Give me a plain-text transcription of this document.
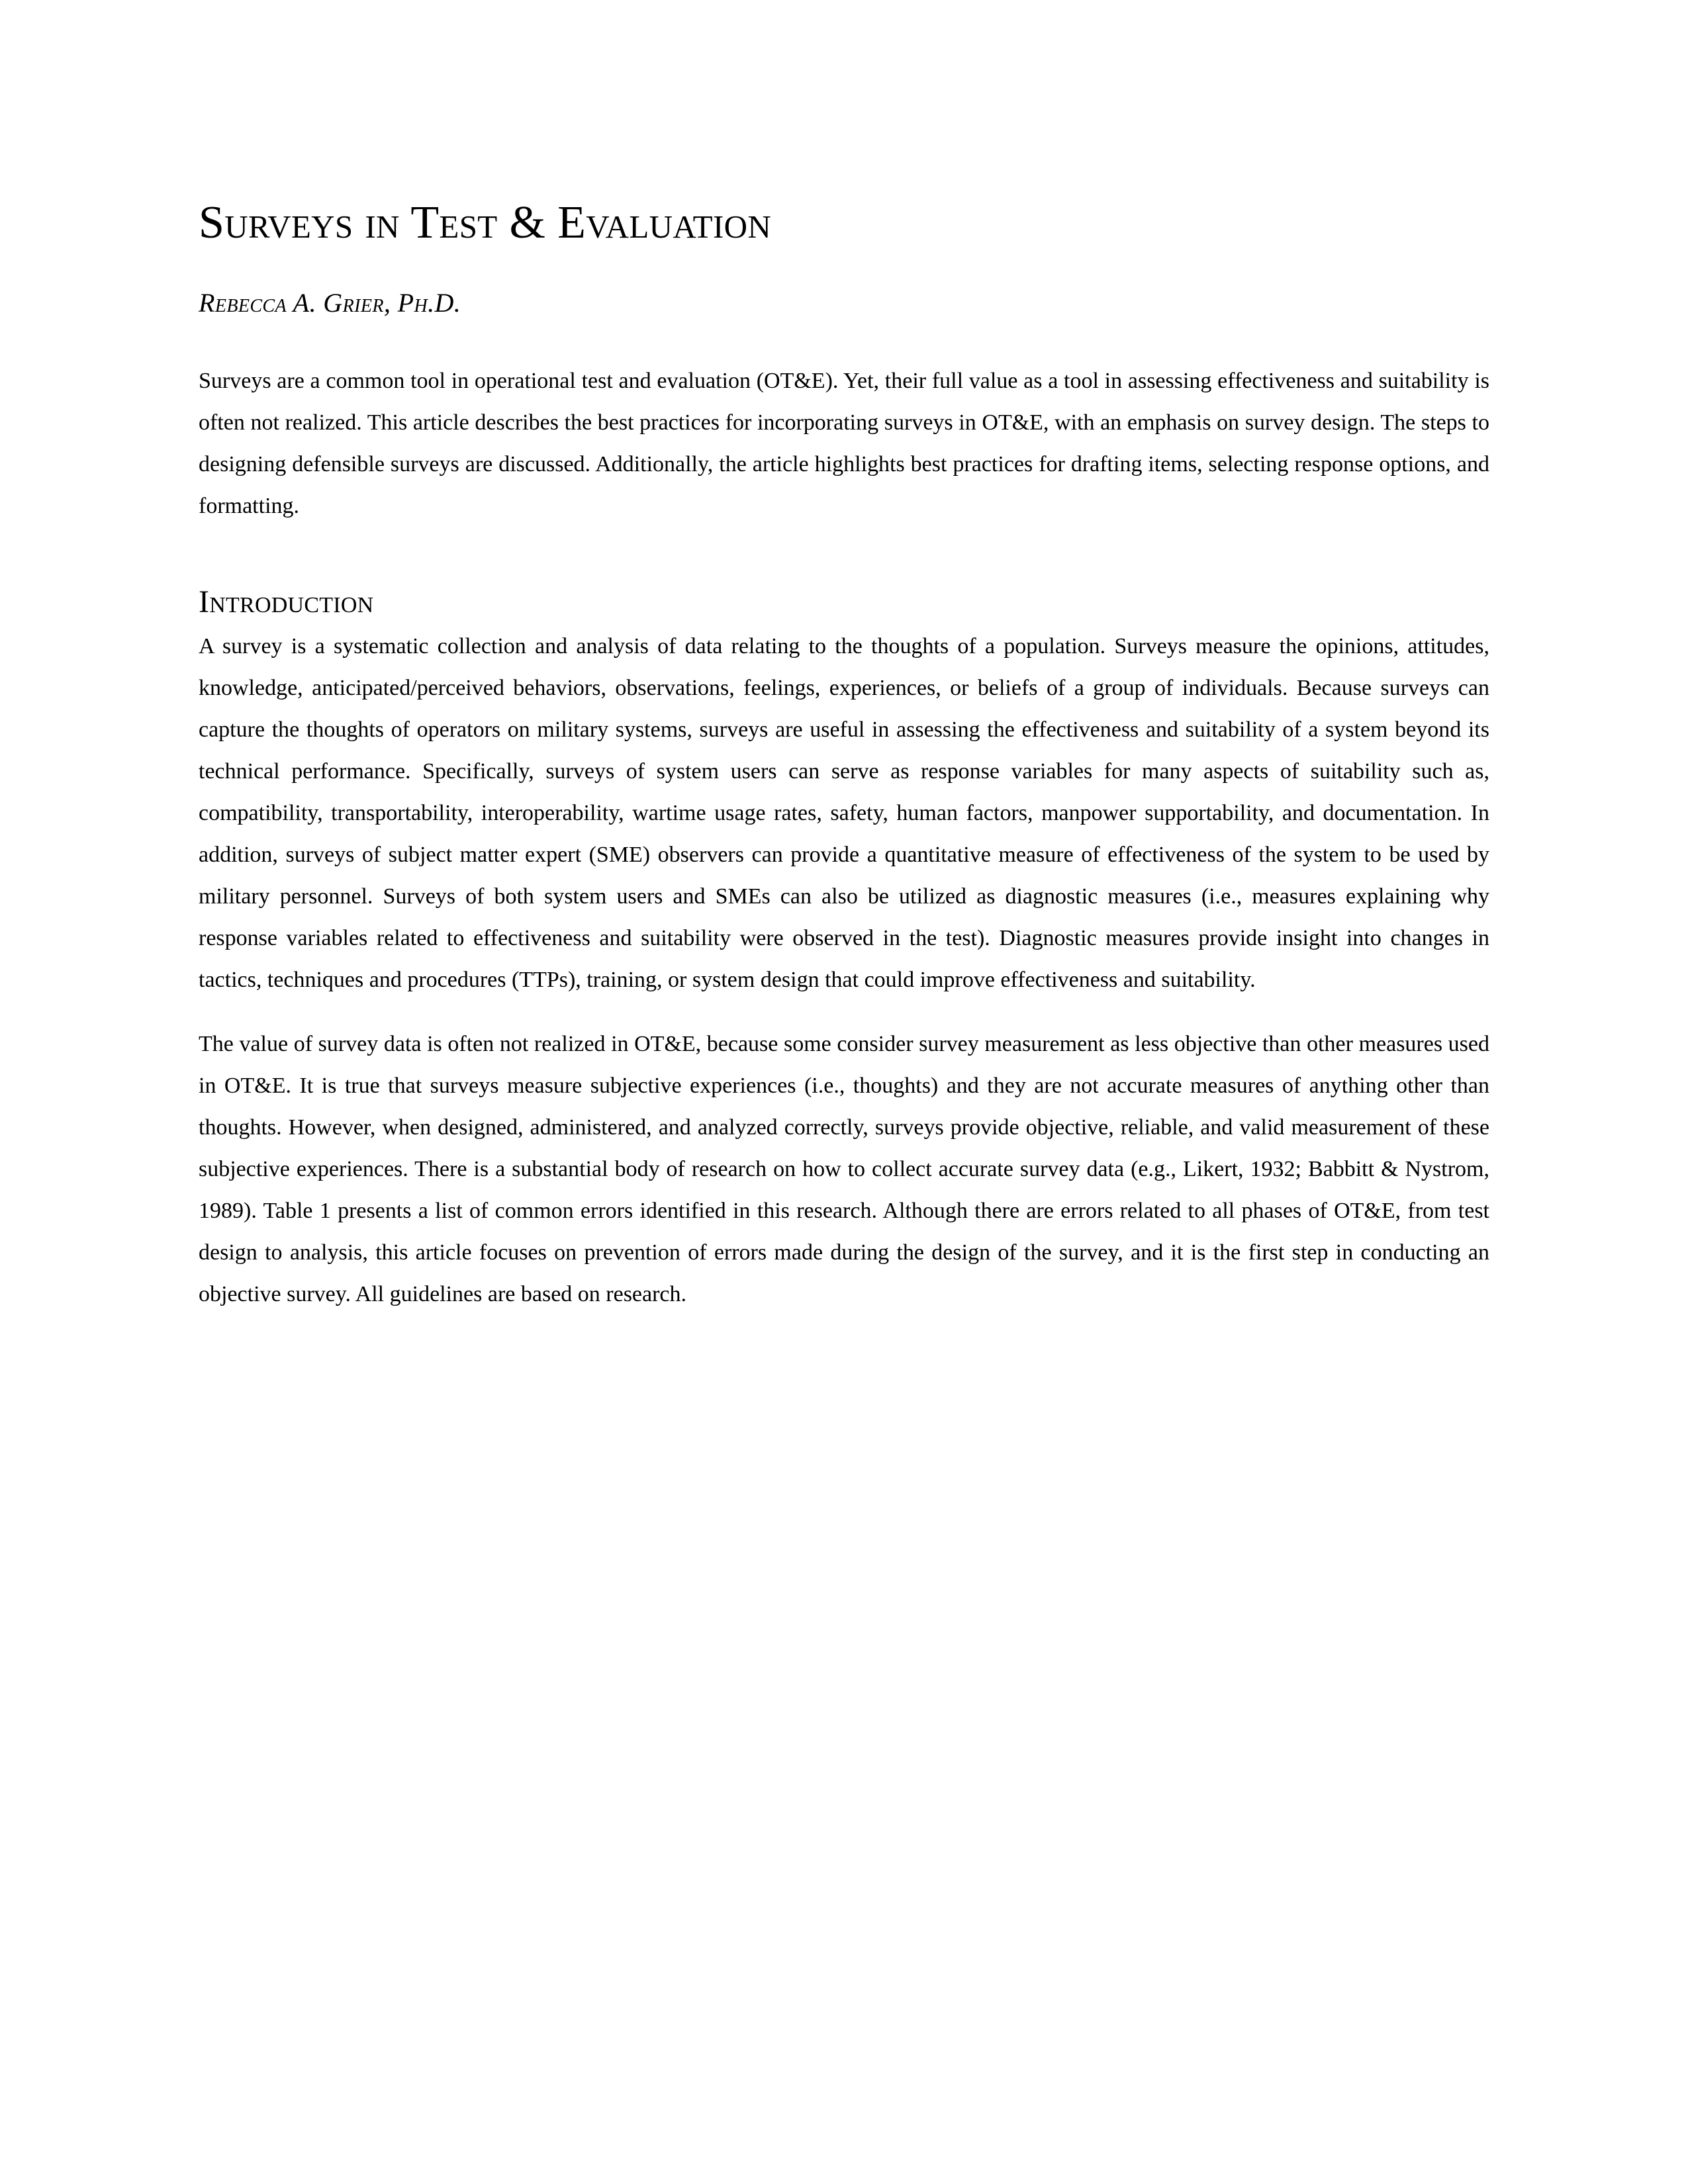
Surveys in Test & Evaluation
Rebecca A. Grier, Ph.D.

Surveys are a common tool in operational test and evaluation (OT&E). Yet, their full value as a tool in assessing effectiveness and suitability is often not realized. This article describes the best practices for incorporating surveys in OT&E, with an emphasis on survey design. The steps to designing defensible surveys are discussed. Additionally, the article highlights best practices for drafting items, selecting response options, and formatting.

Introduction

A survey is a systematic collection and analysis of data relating to the thoughts of a population. Surveys measure the opinions, attitudes, knowledge, anticipated/perceived behaviors, observations, feelings, experiences, or beliefs of a group of individuals. Because surveys can capture the thoughts of operators on military systems, surveys are useful in assessing the effectiveness and suitability of a system beyond its technical performance. Specifically, surveys of system users can serve as response variables for many aspects of suitability such as, compatibility, transportability, interoperability, wartime usage rates, safety, human factors, manpower supportability, and documentation. In addition, surveys of subject matter expert (SME) observers can provide a quantitative measure of effectiveness of the system to be used by military personnel. Surveys of both system users and SMEs can also be utilized as diagnostic measures (i.e., measures explaining why response variables related to effectiveness and suitability were observed in the test). Diagnostic measures provide insight into changes in tactics, techniques and procedures (TTPs), training, or system design that could improve effectiveness and suitability.

The value of survey data is often not realized in OT&E, because some consider survey measurement as less objective than other measures used in OT&E. It is true that surveys measure subjective experiences (i.e., thoughts) and they are not accurate measures of anything other than thoughts. However, when designed, administered, and analyzed correctly, surveys provide objective, reliable, and valid measurement of these subjective experiences. There is a substantial body of research on how to collect accurate survey data (e.g., Likert, 1932; Babbitt & Nystrom, 1989). Table 1 presents a list of common errors identified in this research. Although there are errors related to all phases of OT&E, from test design to analysis, this article focuses on prevention of errors made during the design of the survey, and it is the first step in conducting an objective survey. All guidelines are based on research.
